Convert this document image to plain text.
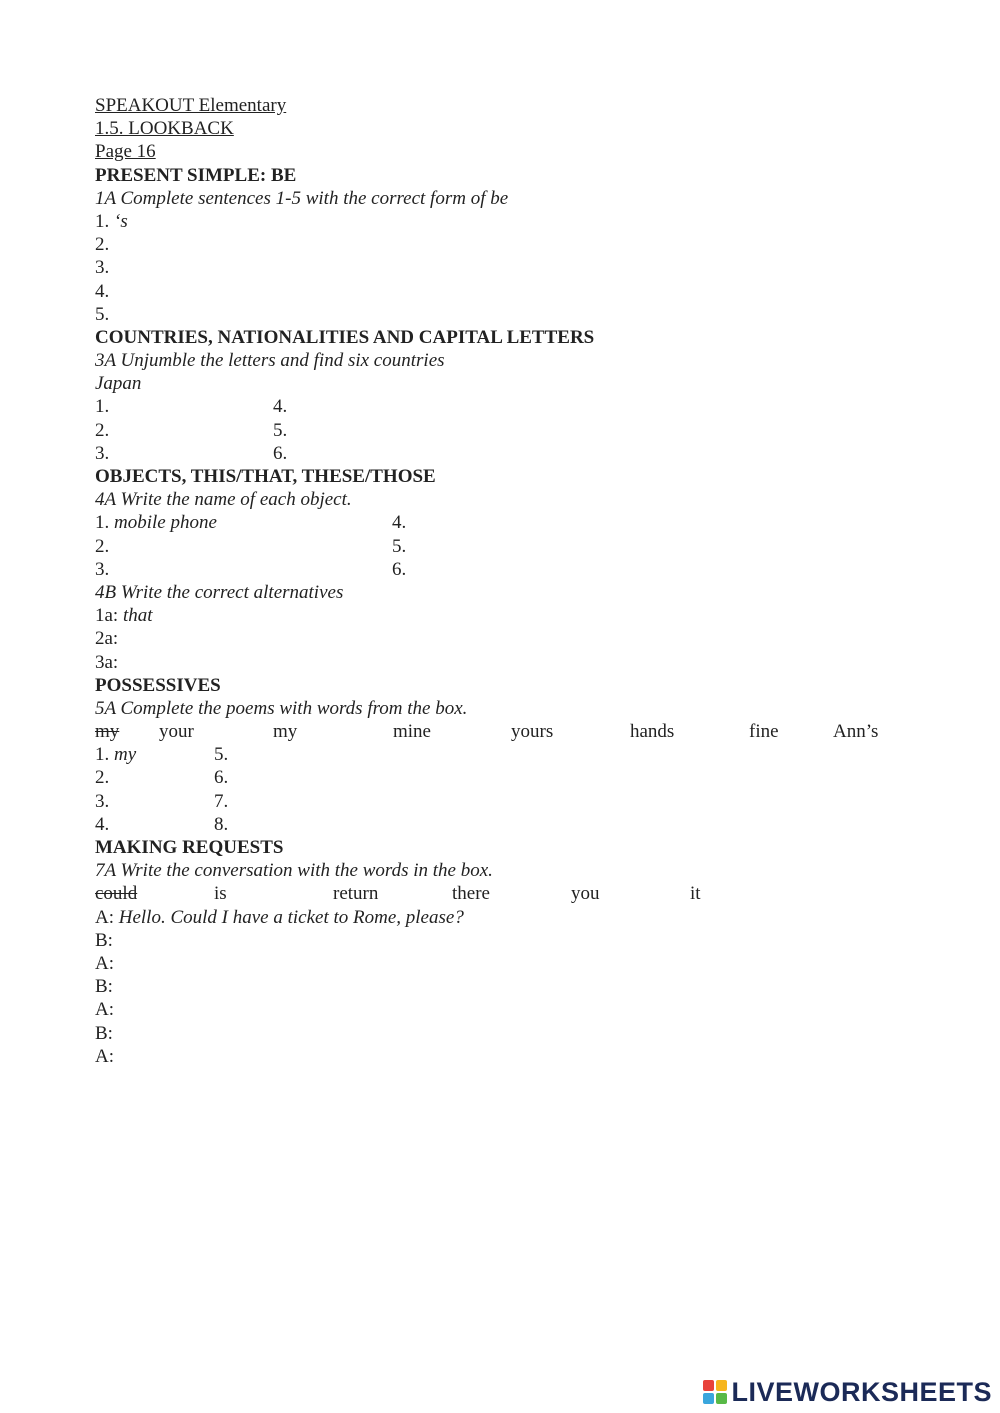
SPEAKOUT Elementary
1.5. LOOKBACK
Page 16
PRESENT SIMPLE: BE
1A Complete sentences 1-5 with the correct form of be
1. ‘s
2.
3.
4.
5.
COUNTRIES, NATIONALITIES AND CAPITAL LETTERS
3A Unjumble the letters and find six countries
Japan
1.	4.
2.	5.
3.	6.
OBJECTS, THIS/THAT, THESE/THOSE
4A Write the name of each object.
1. mobile phone	4.
2.	5.
3.	6.
4B Write the correct alternatives
1a: that
2a:
3a:
POSSESSIVES
5A Complete the poems with words from the box.
my your	my	mine	yours	hands	fine	Ann’s
1. my	5.
2.	6.
3.	7.
4.	8.
MAKING REQUESTS
7A Write the conversation with the words in the box.
could	is	return	there	you	it
A: Hello. Could I have a ticket to Rome, please?
B:
A:
B:
A:
B:
A:
LIVEWORKSHEETS
